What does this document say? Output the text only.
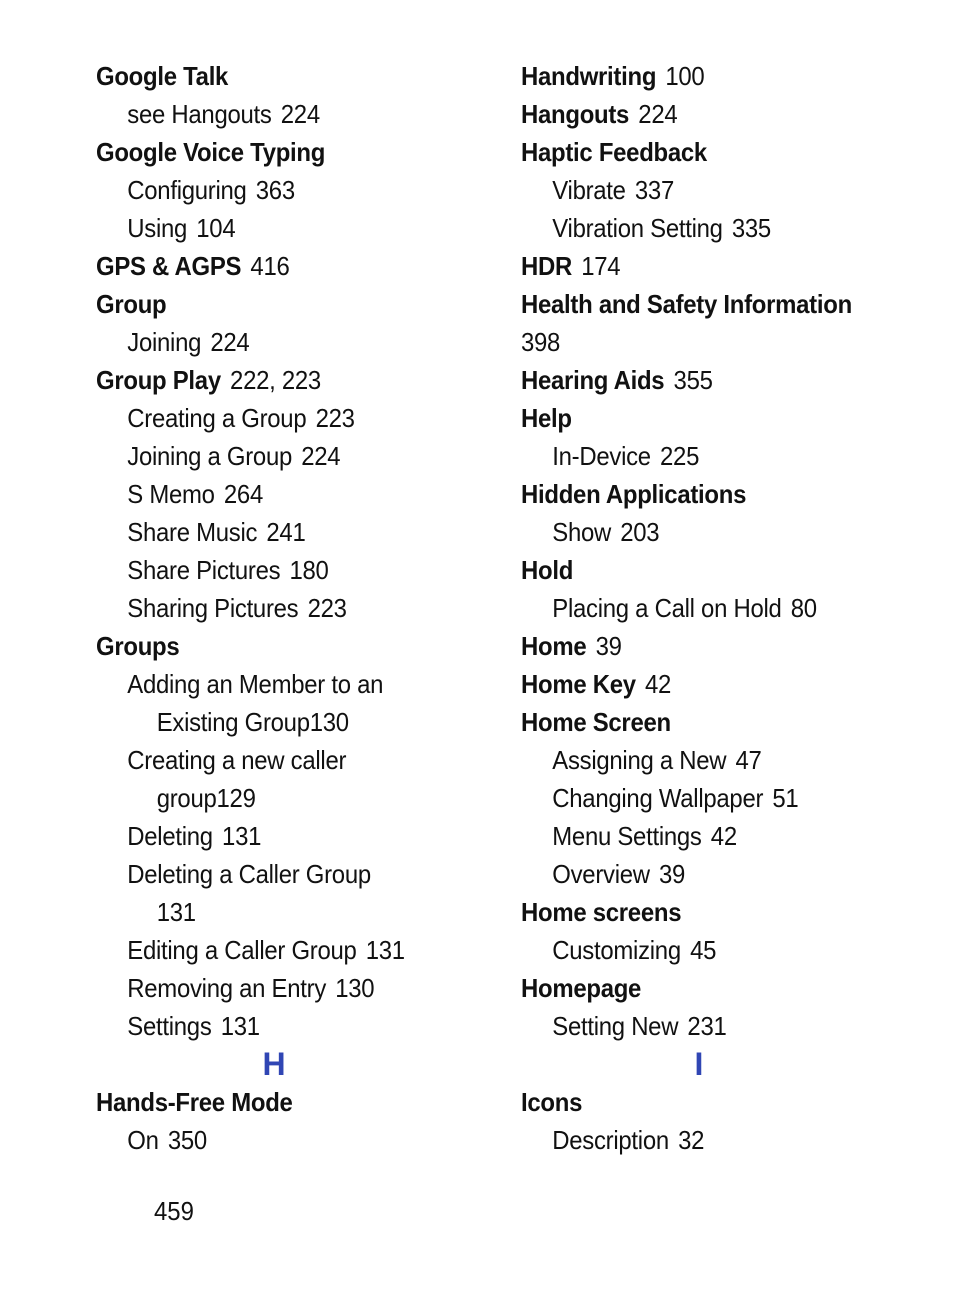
Google Talk
see Hangouts 224
Google Voice Typing
Configuring 363
Using 104
GPS & AGPS 416
Group
Joining 224
Group Play 222, 223
Creating a Group 223
Joining a Group 224
S Memo 264
Share Music 241
Share Pictures 180
Sharing Pictures 223
Groups
Adding an Member to an
Existing Group130
Creating a new caller
group129
Deleting 131
Deleting a Caller Group
131
Editing a Caller Group 131
Removing an Entry 130
Settings 131
H
Hands-Free Mode
On 350
Handwriting 100
Hangouts 224
Haptic Feedback
Vibrate 337
Vibration Setting 335
HDR 174
Health and Safety Information
398
Hearing Aids 355
Help
In-Device 225
Hidden Applications
Show 203
Hold
Placing a Call on Hold 80
Home 39
Home Key 42
Home Screen
Assigning a New 47
Changing Wallpaper 51
Menu Settings 42
Overview 39
Home screens
Customizing 45
Homepage
Setting New 231
I
Icons
Description 32
459
